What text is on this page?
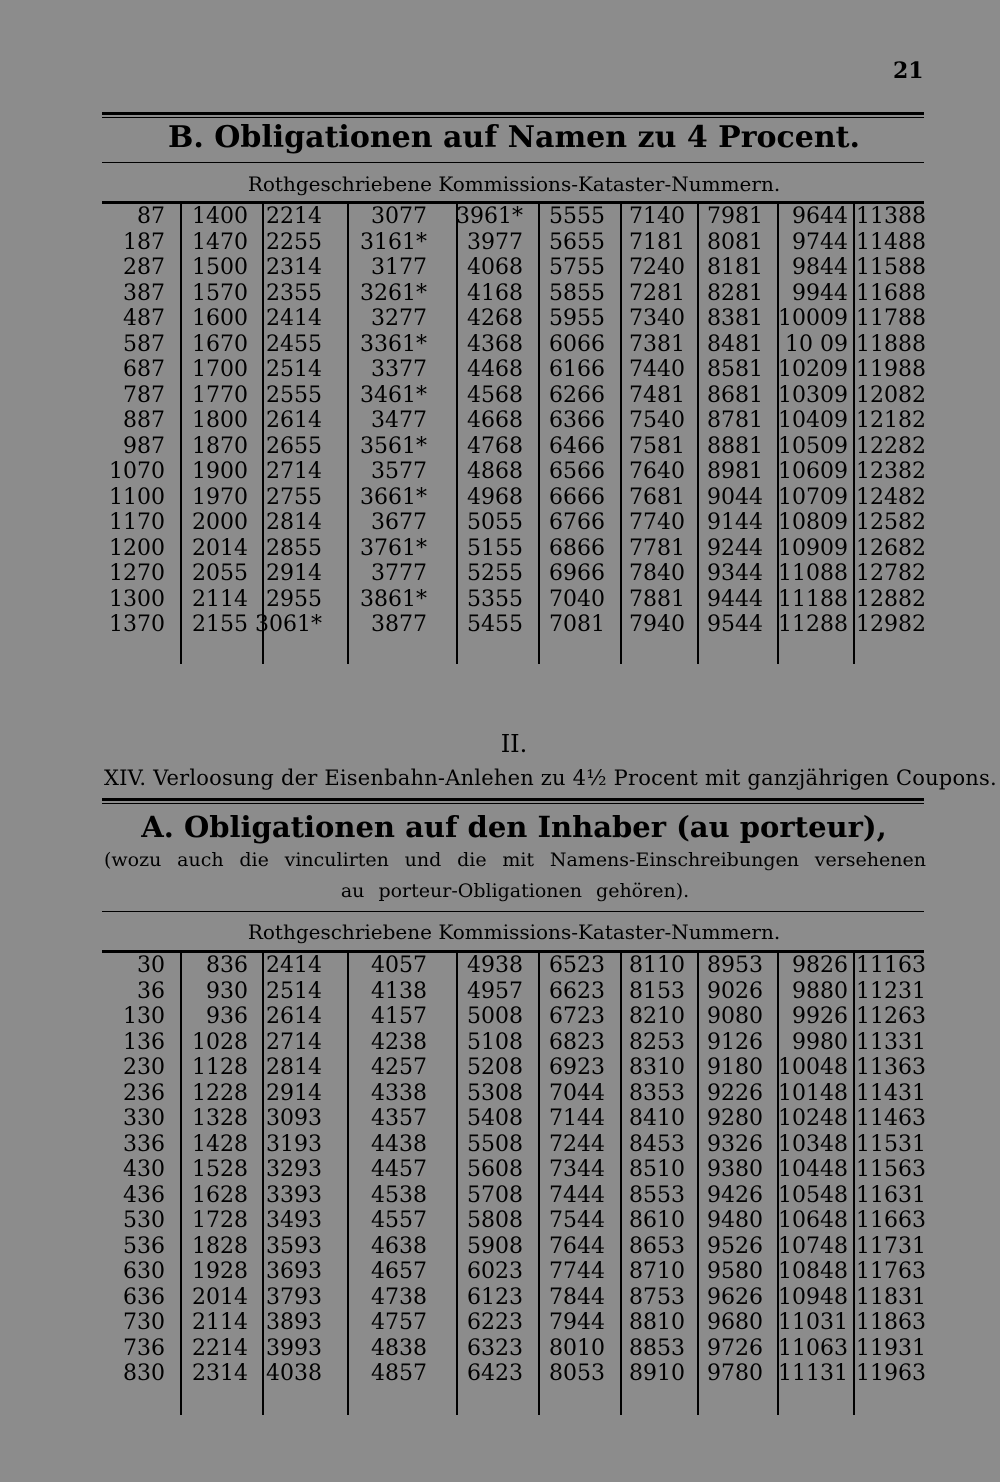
21
B. Obligationen auf Namen zu 4 Procent.
Rothgeschriebene Kommissions-Kataster-Nummern.
87 1400 2214 3077 3961* 5555 7140 7981 9644 11388
187 1470 2255 3161* 3977 5655 7181 8081 9744 11488
287 1500 2314 3177 4068 5755 7240 8181 9844 11588
387 1570 2355 3261* 4168 5855 7281 8281 9944 11688
487 1600 2414 3277 4268 5955 7340 8381 10009 11788
587 1670 2455 3361* 4368 6066 7381 8481 10 09 11888
687 1700 2514 3377 4468 6166 7440 8581 10209 11988
787 1770 2555 3461* 4568 6266 7481 8681 10309 12082
887 1800 2614 3477 4668 6366 7540 8781 10409 12182
987 1870 2655 3561* 4768 6466 7581 8881 10509 12282
1070 1900 2714 3577 4868 6566 7640 8981 10609 12382
1100 1970 2755 3661* 4968 6666 7681 9044 10709 12482
1170 2000 2814 3677 5055 6766 7740 9144 10809 12582
1200 2014 2855 3761* 5155 6866 7781 9244 10909 12682
1270 2055 2914 3777 5255 6966 7840 9344 11088 12782
1300 2114 2955 3861* 5355 7040 7881 9444 11188 12882
1370 2155 3061* 3877 5455 7081 7940 9544 11288 12982
II.
XIV. Verloosung der Eisenbahn-Anlehen zu 4½ Procent mit ganzjährigen Coupons.
A. Obligationen auf den Inhaber (au porteur),
(wozu auch die vinculirten und die mit Namens-Einschreibungen versehenen au porteur-Obligationen gehören).
Rothgeschriebene Kommissions-Kataster-Nummern.
30 836 2414 4057 4938 6523 8110 8953 9826 11163
36 930 2514 4138 4957 6623 8153 9026 9880 11231
130 936 2614 4157 5008 6723 8210 9080 9926 11263
136 1028 2714 4238 5108 6823 8253 9126 9980 11331
230 1128 2814 4257 5208 6923 8310 9180 10048 11363
236 1228 2914 4338 5308 7044 8353 9226 10148 11431
330 1328 3093 4357 5408 7144 8410 9280 10248 11463
336 1428 3193 4438 5508 7244 8453 9326 10348 11531
430 1528 3293 4457 5608 7344 8510 9380 10448 11563
436 1628 3393 4538 5708 7444 8553 9426 10548 11631
530 1728 3493 4557 5808 7544 8610 9480 10648 11663
536 1828 3593 4638 5908 7644 8653 9526 10748 11731
630 1928 3693 4657 6023 7744 8710 9580 10848 11763
636 2014 3793 4738 6123 7844 8753 9626 10948 11831
730 2114 3893 4757 6223 7944 8810 9680 11031 11863
736 2214 3993 4838 6323 8010 8853 9726 11063 11931
830 2314 4038 4857 6423 8053 8910 9780 11131 11963
